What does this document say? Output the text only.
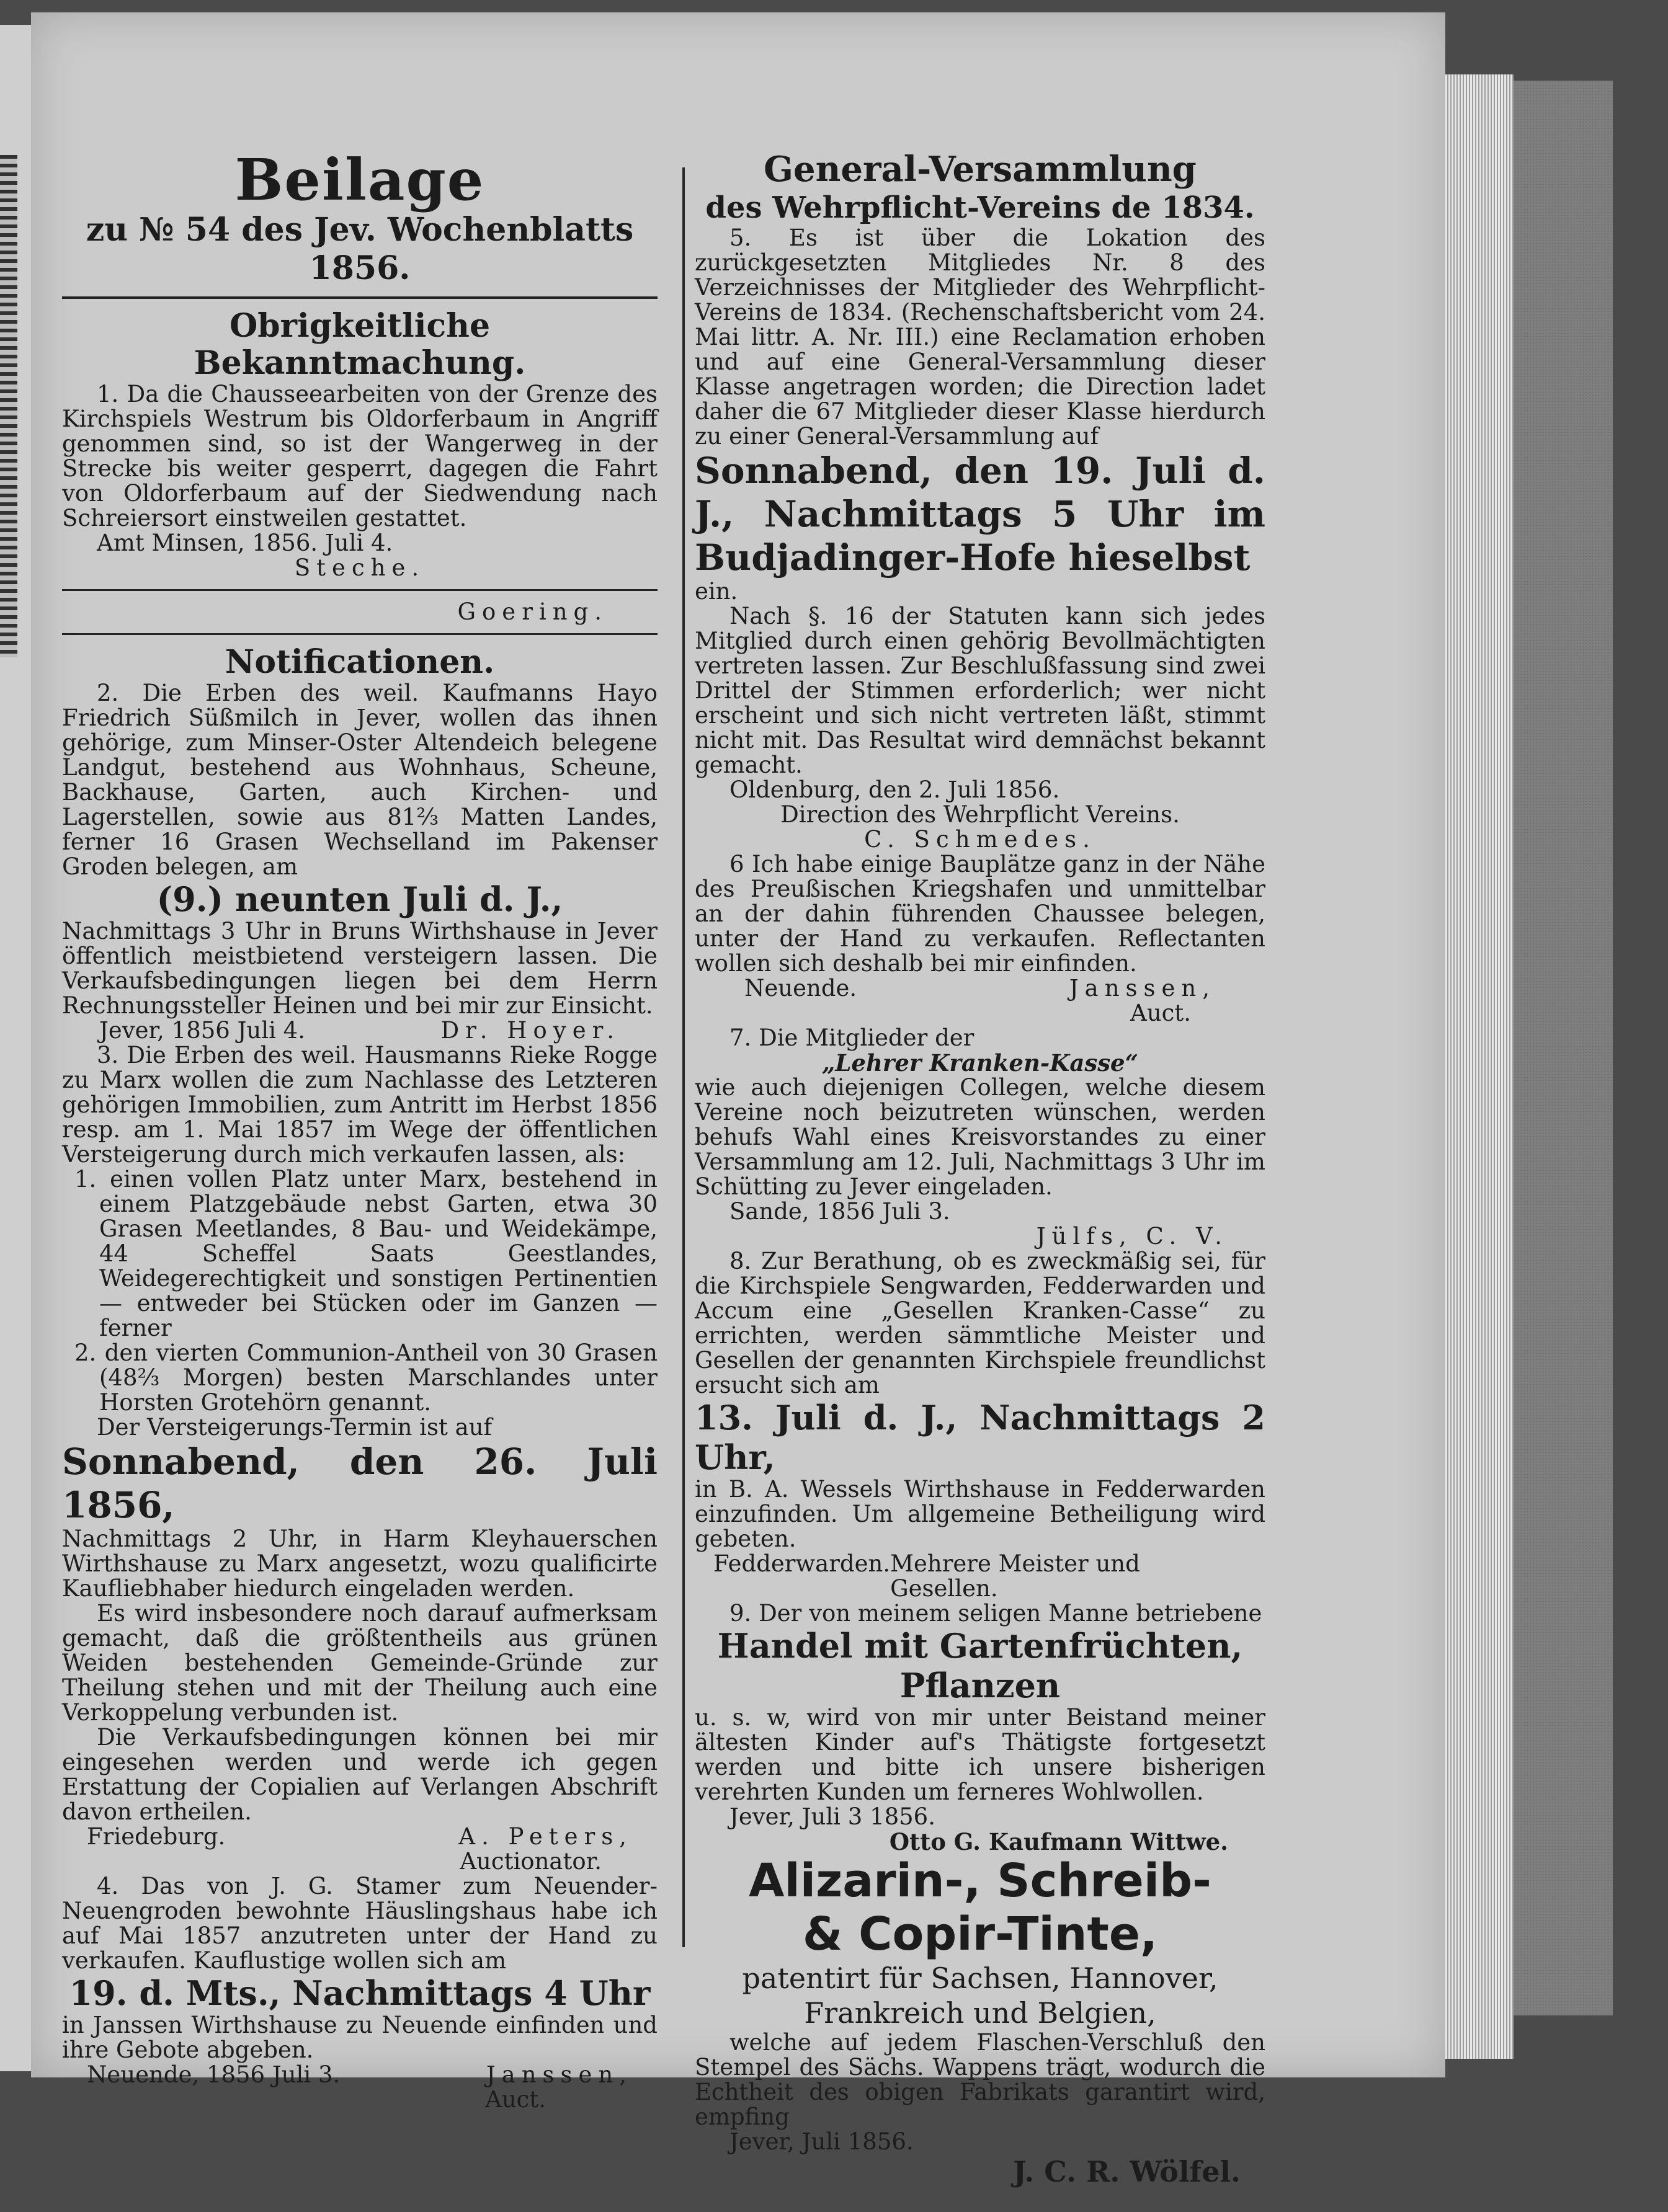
Beilage
zu № 54 des Jev. Wochenblatts 1856.
Obrigkeitliche Bekanntmachung.

1. Da die Chausseearbeiten von der Grenze des Kirchspiels Westrum bis Oldorferbaum in Angriff genommen sind, so ist der Wangerweg in der Strecke bis weiter gesperrt, dagegen die Fahrt von Oldorferbaum auf der Siedwendung nach Schreiersort einstweilen gestattet.

Amt Minsen, 1856. Juli 4.

Steche.

Goering.

Notificationen.

2. Die Erben des weil. Kaufmanns Hayo Friedrich Süßmilch in Jever, wollen das ihnen gehörige, zum Minser-Oster Altendeich belegene Landgut, bestehend aus Wohnhaus, Scheune, Backhause, Garten, auch Kirchen- und Lagerstellen, sowie aus 81⅔ Matten Landes, ferner 16 Grasen Wechselland im Pakenser Groden belegen, am

(9.) neunten Juli d. J.,

Nachmittags 3 Uhr in Bruns Wirthshause in Jever öffentlich meistbietend versteigern lassen. Die Verkaufsbedingungen liegen bei dem Herrn Rechnungssteller Heinen und bei mir zur Einsicht.

Jever, 1856 Juli 4.	Dr. Hoyer.

3. Die Erben des weil. Hausmanns Rieke Rogge zu Marx wollen die zum Nachlasse des Letzteren gehörigen Immobilien, zum Antritt im Herbst 1856 resp. am 1. Mai 1857 im Wege der öffentlichen Versteigerung durch mich verkaufen lassen, als:

1. einen vollen Platz unter Marx, bestehend in einem Platzgebäude nebst Garten, etwa 30 Grasen Meetlandes, 8 Bau- und Weidekämpe, 44 Scheffel Saats Geestlandes, Weidegerechtigkeit und sonstigen Pertinentien — entweder bei Stücken oder im Ganzen — ferner

2. den vierten Communion-Antheil von 30 Grasen (48⅔ Morgen) besten Marschlandes unter Horsten Grotehörn genannt.

Der Versteigerungs-Termin ist auf

Sonnabend, den 26. Juli 1856,

Nachmittags 2 Uhr, in Harm Kleyhauerschen Wirthshause zu Marx angesetzt, wozu qualificirte Kaufliebhaber hiedurch eingeladen werden.

Es wird insbesondere noch darauf aufmerksam gemacht, daß die größtentheils aus grünen Weiden bestehenden Gemeinde-Gründe zur Theilung stehen und mit der Theilung auch eine Verkoppelung verbunden ist.

Die Verkaufsbedingungen können bei mir eingesehen werden und werde ich gegen Erstattung der Copialien auf Verlangen Abschrift davon ertheilen.

Friedeburg.	A. Peters,

Auctionator.

4. Das von J. G. Stamer zum Neuender-Neuengroden bewohnte Häuslingshaus habe ich auf Mai 1857 anzutreten unter der Hand zu verkaufen. Kauflustige wollen sich am

19. d. Mts., Nachmittags 4 Uhr

in Janssen Wirthshause zu Neuende einfinden und ihre Gebote abgeben.

Neuende, 1856 Juli 3.	Janssen,

Auct.

General-Versammlung
des Wehrpflicht-Vereins de 1834.

5. Es ist über die Lokation des zurückgesetzten Mitgliedes Nr. 8 des Verzeichnisses der Mitglieder des Wehrpflicht-Vereins de 1834. (Rechenschaftsbericht vom 24. Mai littr. A. Nr. III.) eine Reclamation erhoben und auf eine General-Versammlung dieser Klasse angetragen worden; die Direction ladet daher die 67 Mitglieder dieser Klasse hierdurch zu einer General-Versammlung auf

Sonnabend, den 19. Juli d. J., Nachmittags 5 Uhr im Budjadinger-Hofe hieselbst

ein.

Nach §. 16 der Statuten kann sich jedes Mitglied durch einen gehörig Bevollmächtigten vertreten lassen. Zur Beschlußfassung sind zwei Drittel der Stimmen erforderlich; wer nicht erscheint und sich nicht vertreten läßt, stimmt nicht mit. Das Resultat wird demnächst bekannt gemacht.

Oldenburg, den 2. Juli 1856.

Direction des Wehrpflicht Vereins.

C. Schmedes.

6 Ich habe einige Bauplätze ganz in der Nähe des Preußischen Kriegshafen und unmittelbar an der dahin führenden Chaussee belegen, unter der Hand zu verkaufen. Reflectanten wollen sich deshalb bei mir einfinden.

Neuende.	Janssen,

Auct.

7. Die Mitglieder der

„Lehrer Kranken-Kasse“

wie auch diejenigen Collegen, welche diesem Vereine noch beizutreten wünschen, werden behufs Wahl eines Kreisvorstandes zu einer Versammlung am 12. Juli, Nachmittags 3 Uhr im Schütting zu Jever eingeladen.

Sande, 1856 Juli 3.

Jülfs, C. V.

8. Zur Berathung, ob es zweckmäßig sei, für die Kirchspiele Sengwarden, Fedderwarden und Accum eine „Gesellen Kranken-Casse“ zu errichten, werden sämmtliche Meister und Gesellen der genannten Kirchspiele freundlichst ersucht sich am

13. Juli d. J., Nachmittags 2 Uhr,

in B. A. Wessels Wirthshause in Fedderwarden einzufinden. Um allgemeine Betheiligung wird gebeten.

Fedderwarden. Mehrere Meister und Gesellen.

9. Der von meinem seligen Manne betriebene

Handel mit Gartenfrüchten, Pflanzen

u. s. w, wird von mir unter Beistand meiner ältesten Kinder auf's Thätigste fortgesetzt werden und bitte ich unsere bisherigen verehrten Kunden um ferneres Wohlwollen.

Jever, Juli 3 1856.

Otto G. Kaufmann Wittwe.

Alizarin-, Schreib-
& Copir-Tinte,
patentirt für Sachsen, Hannover,
Frankreich und Belgien,

welche auf jedem Flaschen-Verschluß den Stempel des Sächs. Wappens trägt, wodurch die Echtheit des obigen Fabrikats garantirt wird, empfing

Jever, Juli 1856.

J. C. R. Wölfel.
